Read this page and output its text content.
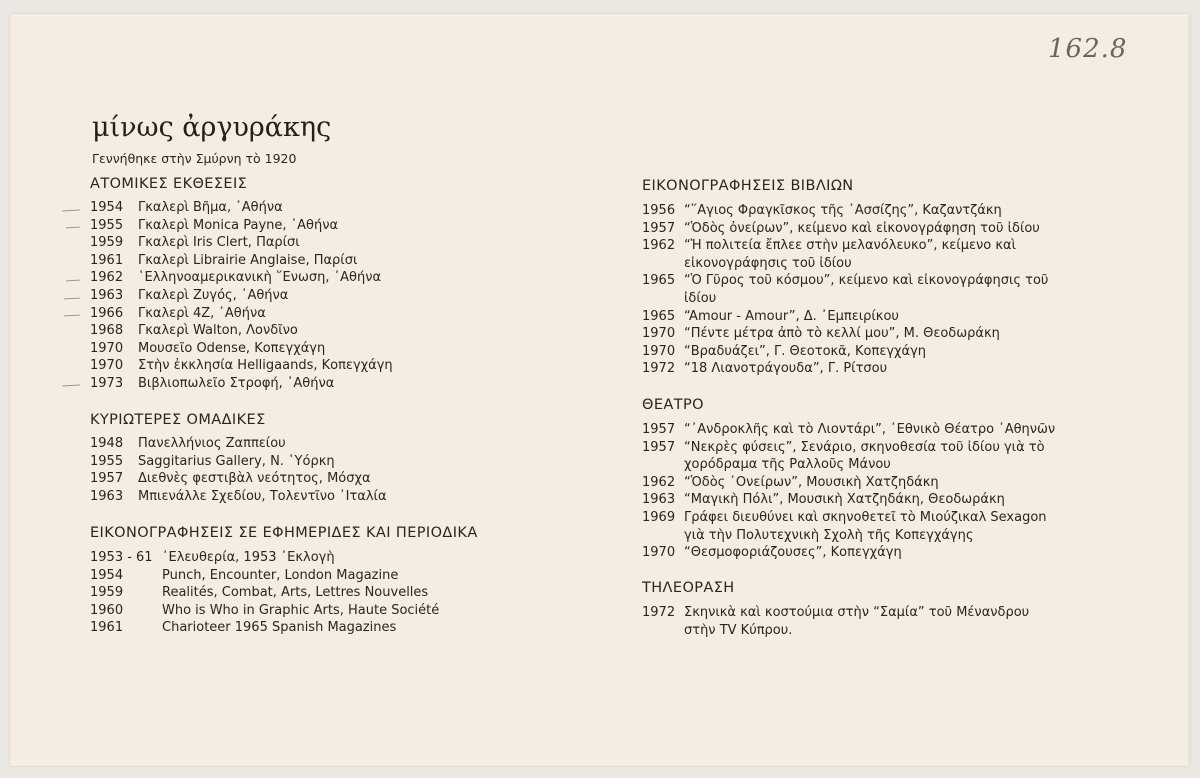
162.8
μίνως ἀργυράκης
Γεννήθηκε στὴν Σμύρνη τὸ 1920
ΑΤΟΜΙΚΕΣ ΕΚΘΕΣΕΙΣ
1954	Γκαλερὶ Βῆμα, ᾿Αθήνα
1955	Γκαλερὶ Monica Payne, ᾿Αθήνα
1959	Γκαλερὶ Iris Clert, Παρίσι
1961	Γκαλερὶ Librairie Anglaise, Παρίσι
1962	῾Ελληνοαμερικανικὴ ῞Ενωση, ᾿Αθήνα
1963	Γκαλερὶ Ζυγός, ᾿Αθήνα
1966	Γκαλερὶ 4Ζ, ᾿Αθήνα
1968	Γκαλερὶ Walton, Λονδῖνο
1970	Μουσεῖο Odense, Κοπεγχάγη
1970	Στὴν ἐκκλησία Helligaands, Κοπεγχάγη
1973	Βιβλιοπωλεῖο Στροφή, ᾿Αθήνα
ΚΥΡΙΩΤΕΡΕΣ ΟΜΑΔΙΚΕΣ
1948	Πανελλήνιος Ζαππείου
1955	Saggitarius Gallery, Ν. ῾Υόρκη
1957	Διεθνὲς φεστιβὰλ νεότητος, Μόσχα
1963	Μπιενάλλε Σχεδίου, Τολεντῖνο ᾿Ιταλία
ΕΙΚΟΝΟΓΡΑΦΗΣΕΙΣ ΣΕ ΕΦΗΜΕΡΙΔΕΣ ΚΑΙ ΠΕΡΙΟΔΙΚΑ
1953 - 61 ᾿Ελευθερία, 1953 ᾿Εκλογὴ
1954	Punch, Encounter, London Magazine
1959	Realités, Combat, Arts, Lettres Nouvelles
1960	Who is Who in Graphic Arts, Haute Société
1961	Charioteer 1965 Spanish Magazines
ΕΙΚΟΝΟΓΡΑΦΗΣΕΙΣ ΒΙΒΛΙΩΝ
1956 “῞Αγιος Φραγκῖσκος τῆς ᾿Ασσίζης”, Καζαντζάκη
1957 “Ὁδὸς ὀνείρων”, κείμενο καὶ εἰκονογράφηση τοῦ ἰδίου
1962 “Ἡ πολιτεία ἔπλεε στὴν μελανόλευκο”, κείμενο καὶ
εἰκονογράφησις τοῦ ἰδίου
1965 “Ὁ Γῦρος τοῦ κόσμου”, κείμενο καὶ εἰκονογράφησις τοῦ
ἰδίου
1965 “Amour - Amour”, Δ. ᾿Εμπειρίκου
1970 “Πέντε μέτρα ἀπὸ τὸ κελλί μου”, Μ. Θεοδωράκη
1970 “Βραδυάζει”, Γ. Θεοτοκᾶ, Κοπεγχάγη
1972 “18 Λιανοτράγουδα”, Γ. Ρίτσου
ΘΕΑΤΡΟ
1957 “᾿Ανδροκλῆς καὶ τὸ Λιοντάρι”, ᾿Εθνικὸ Θέατρο ᾿Αθηνῶν
1957 “Νεκρὲς φύσεις”, Σενάριο, σκηνοθεσία τοῦ ἰδίου γιὰ τὸ
χορόδραμα τῆς Ραλλοῦς Μάνου
1962 “Ὁδὸς ᾿Ονείρων”, Μουσικὴ Χατζηδάκη
1963 “Μαγικὴ Πόλι”, Μουσικὴ Χατζηδάκη, Θεοδωράκη
1969 Γράφει διευθύνει καὶ σκηνοθετεῖ τὸ Μιούζικαλ Sexagon
γιὰ τὴν Πολυτεχνικὴ Σχολὴ τῆς Κοπεγχάγης
1970 “Θεσμοφοριάζουσες”, Κοπεγχάγη
ΤΗΛΕΟΡΑΣΗ
1972 Σκηνικὰ καὶ κοστούμια στὴν “Σαμία” τοῦ Μένανδρου
στὴν TV Κύπρου.
